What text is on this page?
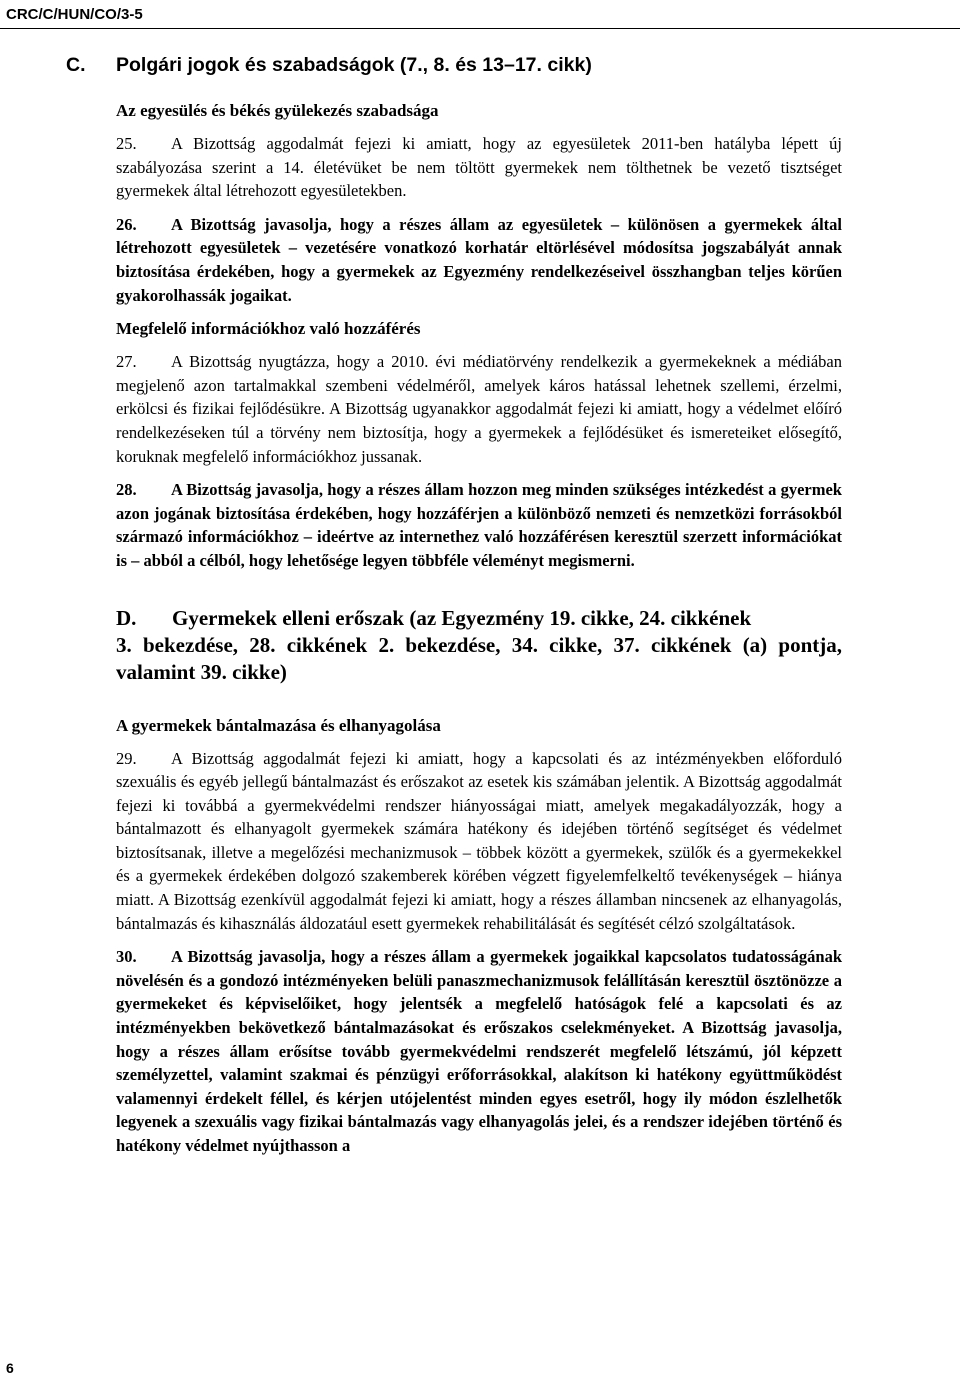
CRC/C/HUN/CO/3-5
C. Polgári jogok és szabadságok (7., 8. és 13–17. cikk)
Az egyesülés és békés gyülekezés szabadsága
25. A Bizottság aggodalmát fejezi ki amiatt, hogy az egyesületek 2011-ben hatályba lépett új szabályozása szerint a 14. életévüket be nem töltött gyermekek nem tölthetnek be vezető tisztséget gyermekek által létrehozott egyesületekben.
26. A Bizottság javasolja, hogy a részes állam az egyesületek – különösen a gyermekek által létrehozott egyesületek – vezetésére vonatkozó korhatár eltörlésével módosítsa jogszabályát annak biztosítása érdekében, hogy a gyermekek az Egyezmény rendelkezéseivel összhangban teljes körűen gyakorolhassák jogaikat.
Megfelelő információkhoz való hozzáférés
27. A Bizottság nyugtázza, hogy a 2010. évi médiatörvény rendelkezik a gyermekeknek a médiában megjelenő azon tartalmakkal szembeni védelméről, amelyek káros hatással lehetnek szellemi, érzelmi, erkölcsi és fizikai fejlődésükre. A Bizottság ugyanakkor aggodalmát fejezi ki amiatt, hogy a védelmet előíró rendelkezéseken túl a törvény nem biztosítja, hogy a gyermekek a fejlődésüket és ismereteiket elősegítő, koruknak megfelelő információkhoz jussanak.
28. A Bizottság javasolja, hogy a részes állam hozzon meg minden szükséges intézkedést a gyermek azon jogának biztosítása érdekében, hogy hozzáférjen a különböző nemzeti és nemzetközi forrásokból származó információkhoz – ideértve az internethez való hozzáférésen keresztül szerzett információkat is – abból a célból, hogy lehetősége legyen többféle véleményt megismerni.
D. Gyermekek elleni erőszak (az Egyezmény 19. cikke, 24. cikkének
3. bekezdése, 28. cikkének 2. bekezdése, 34. cikke, 37. cikkének (a) pontja, valamint 39. cikke)
A gyermekek bántalmazása és elhanyagolása
29. A Bizottság aggodalmát fejezi ki amiatt, hogy a kapcsolati és az intézményekben előforduló szexuális és egyéb jellegű bántalmazást és erőszakot az esetek kis számában jelentik. A Bizottság aggodalmát fejezi ki továbbá a gyermekvédelmi rendszer hiányosságai miatt, amelyek megakadályozzák, hogy a bántalmazott és elhanyagolt gyermekek számára hatékony és idejében történő segítséget és védelmet biztosítsanak, illetve a megelőzési mechanizmusok – többek között a gyermekek, szülők és a gyermekekkel és a gyermekek érdekében dolgozó szakemberek körében végzett figyelemfelkeltő tevékenységek – hiánya miatt. A Bizottság ezenkívül aggodalmát fejezi ki amiatt, hogy a részes államban nincsenek az elhanyagolás, bántalmazás és kihasználás áldozatául esett gyermekek rehabilitálását és segítését célzó szolgáltatások.
30. A Bizottság javasolja, hogy a részes állam a gyermekek jogaikkal kapcsolatos tudatosságának növelésén és a gondozó intézményeken belüli panaszmechanizmusok felállításán keresztül ösztönözze a gyermekeket és képviselőiket, hogy jelentsék a megfelelő hatóságok felé a kapcsolati és az intézményekben bekövetkező bántalmazásokat és erőszakos cselekményeket. A Bizottság javasolja, hogy a részes állam erősítse tovább gyermekvédelmi rendszerét megfelelő létszámú, jól képzett személyzettel, valamint szakmai és pénzügyi erőforrásokkal, alakítson ki hatékony együttműködést valamennyi érdekelt féllel, és kérjen utójelentést minden egyes esetről, hogy ily módon észlelhetők legyenek a szexuális vagy fizikai bántalmazás vagy elhanyagolás jelei, és a rendszer idejében történő és hatékony védelmet nyújthasson a
6
